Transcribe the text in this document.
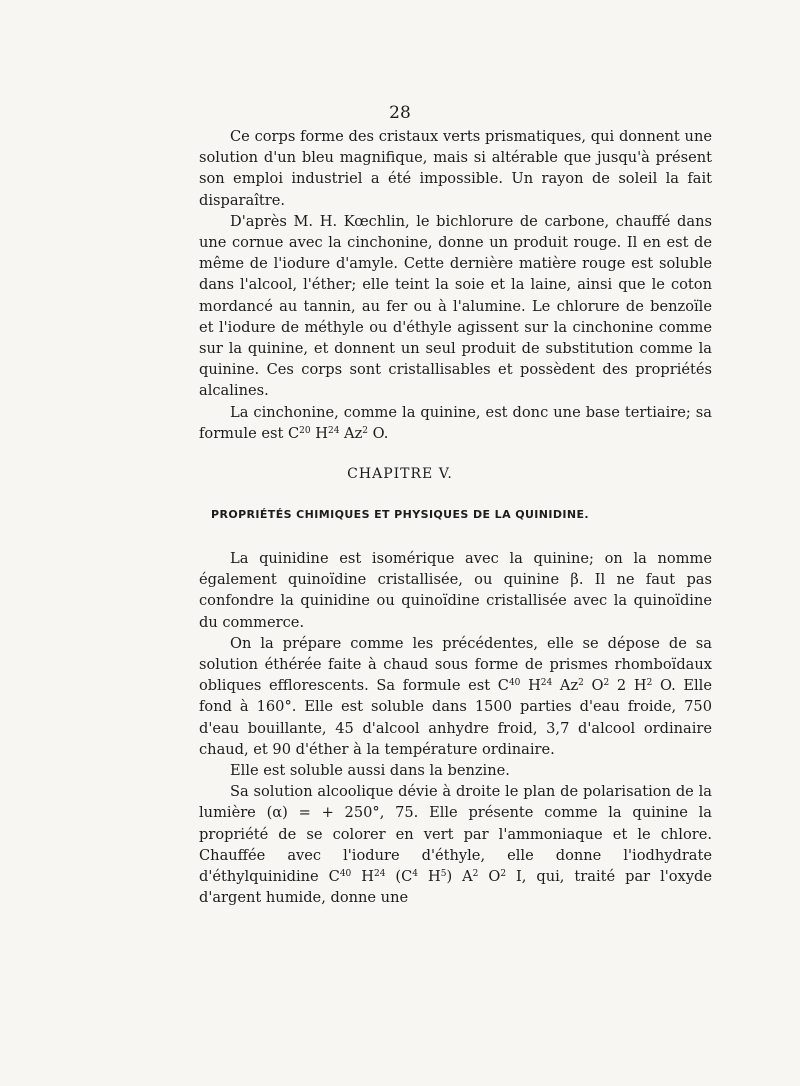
28

Ce corps forme des cristaux verts prismatiques, qui donnent une solution d'un bleu magnifique, mais si altérable que jusqu'à présent son emploi industriel a été impossible. Un rayon de soleil la fait disparaître.

D'après M. H. Kœchlin, le bichlorure de carbone, chauffé dans une cornue avec la cinchonine, donne un produit rouge. Il en est de même de l'iodure d'amyle. Cette dernière matière rouge est soluble dans l'alcool, l'éther; elle teint la soie et la laine, ainsi que le coton mordancé au tannin, au fer ou à l'alumine. Le chlorure de benzoïle et l'iodure de méthyle ou d'éthyle agissent sur la cinchonine comme sur la quinine, et donnent un seul produit de substitution comme la quinine. Ces corps sont cristallisables et possèdent des propriétés alcalines.

La cinchonine, comme la quinine, est donc une base tertiaire; sa formule est $C^{20}$ $H^{24}$ Az$^2$ O.

CHAPITRE V.
PROPRIÉTÉS CHIMIQUES ET PHYSIQUES DE LA QUINIDINE.

La quinidine est isomérique avec la quinine; on la nomme également quinoïdine cristallisée, ou quinine β. Il ne faut pas confondre la quinidine ou quinoïdine cristallisée avec la quinoïdine du commerce.

On la prépare comme les précédentes, elle se dépose de sa solution éthérée faite à chaud sous forme de prismes rhomboïdaux obliques efflorescents. Sa formule est $C^{40}$ $H^{24}$ Az$^2$ $O^2$ 2 $H^2$ O. Elle fond à 160°. Elle est soluble dans 1500 parties d'eau froide, 750 d'eau bouillante, 45 d'alcool anhydre froid, 3,7 d'alcool ordinaire chaud, et 90 d'éther à la température ordinaire.

Elle est soluble aussi dans la benzine.

Sa solution alcoolique dévie à droite le plan de polarisation de la lumière (α) = + 250°, 75. Elle présente comme la quinine la propriété de se colorer en vert par l'ammoniaque et le chlore. Chauffée avec l'iodure d'éthyle, elle donne l'iodhydrate d'éthylquinidine $C^{40}$ $H^{24}$ ($C^4$ $H^5$) $A^2$ $O^2$ I, qui, traité par l'oxyde d'argent humide, donne une
